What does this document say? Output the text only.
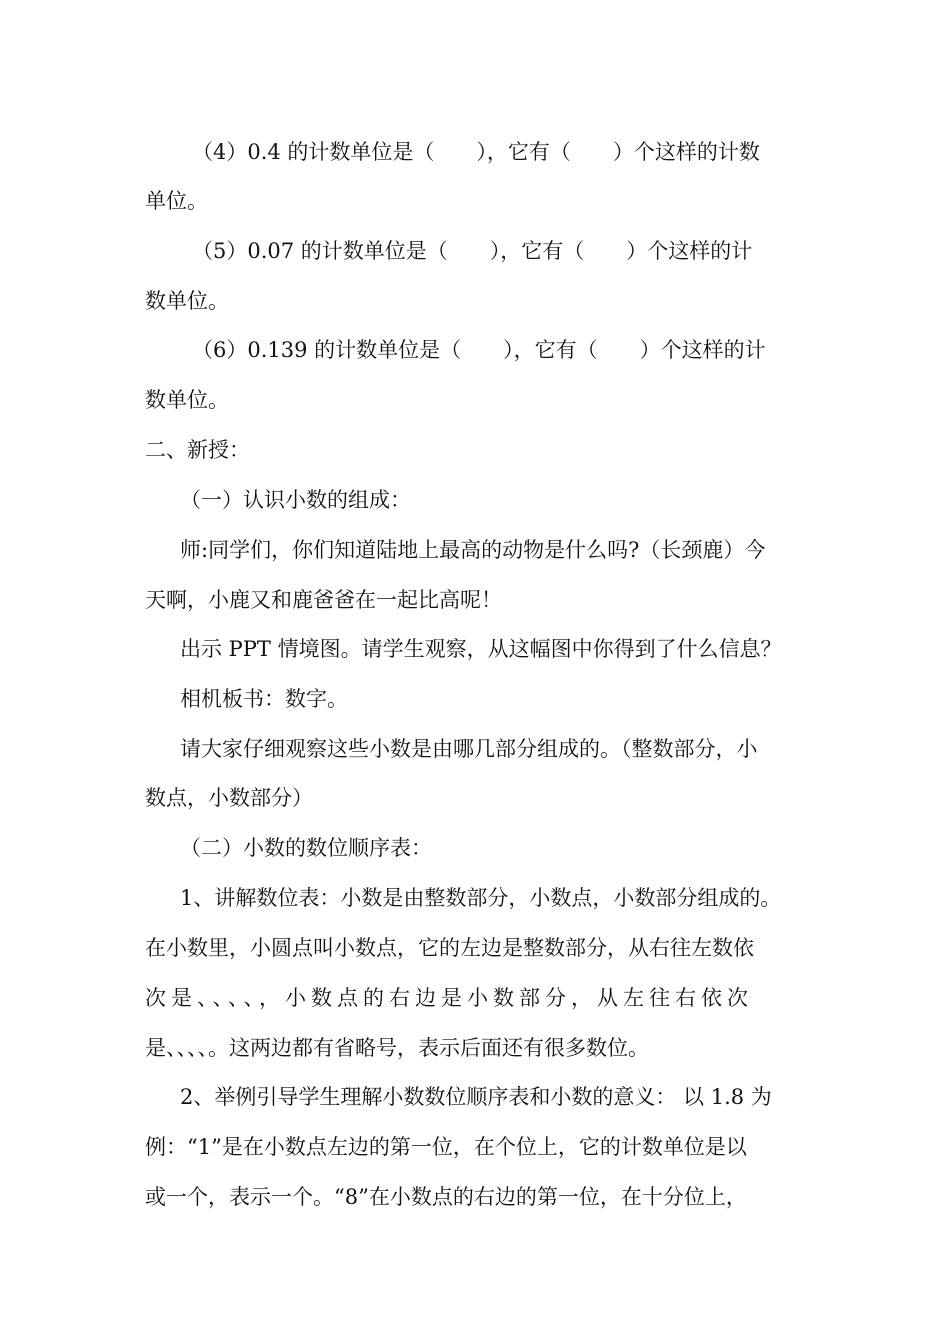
（4）0.4 的计数单位是（　　），它有（　　）个这样的计数
单位。
（5）0.07 的计数单位是（　　），它有（　　）个这样的计
数单位。
（6）0.139 的计数单位是（　　），它有（　　）个这样的计
数单位。
二、新授：
（一）认识小数的组成：
师:同学们，你们知道陆地上最高的动物是什么吗?（长颈鹿）今
天啊，小鹿又和鹿爸爸在一起比高呢！
出示 PPT 情境图。请学生观察，从这幅图中你得到了什么信息？
相机板书：数字。
请大家仔细观察这些小数是由哪几部分组成的。（整数部分，小
数点，小数部分）
（二）小数的数位顺序表：
1、讲解数位表：小数是由整数部分，小数点，小数部分组成的。
在小数里，小圆点叫小数点，它的左边是整数部分，从右往左数依
次是、、、、，小数点的右边是小数部分，从左往右依次
是、、、、。这两边都有省略号，表示后面还有很多数位。
2、举例引导学生理解小数数位顺序表和小数的意义： 以 1.8 为
例：“1”是在小数点左边的第一位，在个位上，它的计数单位是以
或一个，表示一个。“8”在小数点的右边的第一位，在十分位上，
